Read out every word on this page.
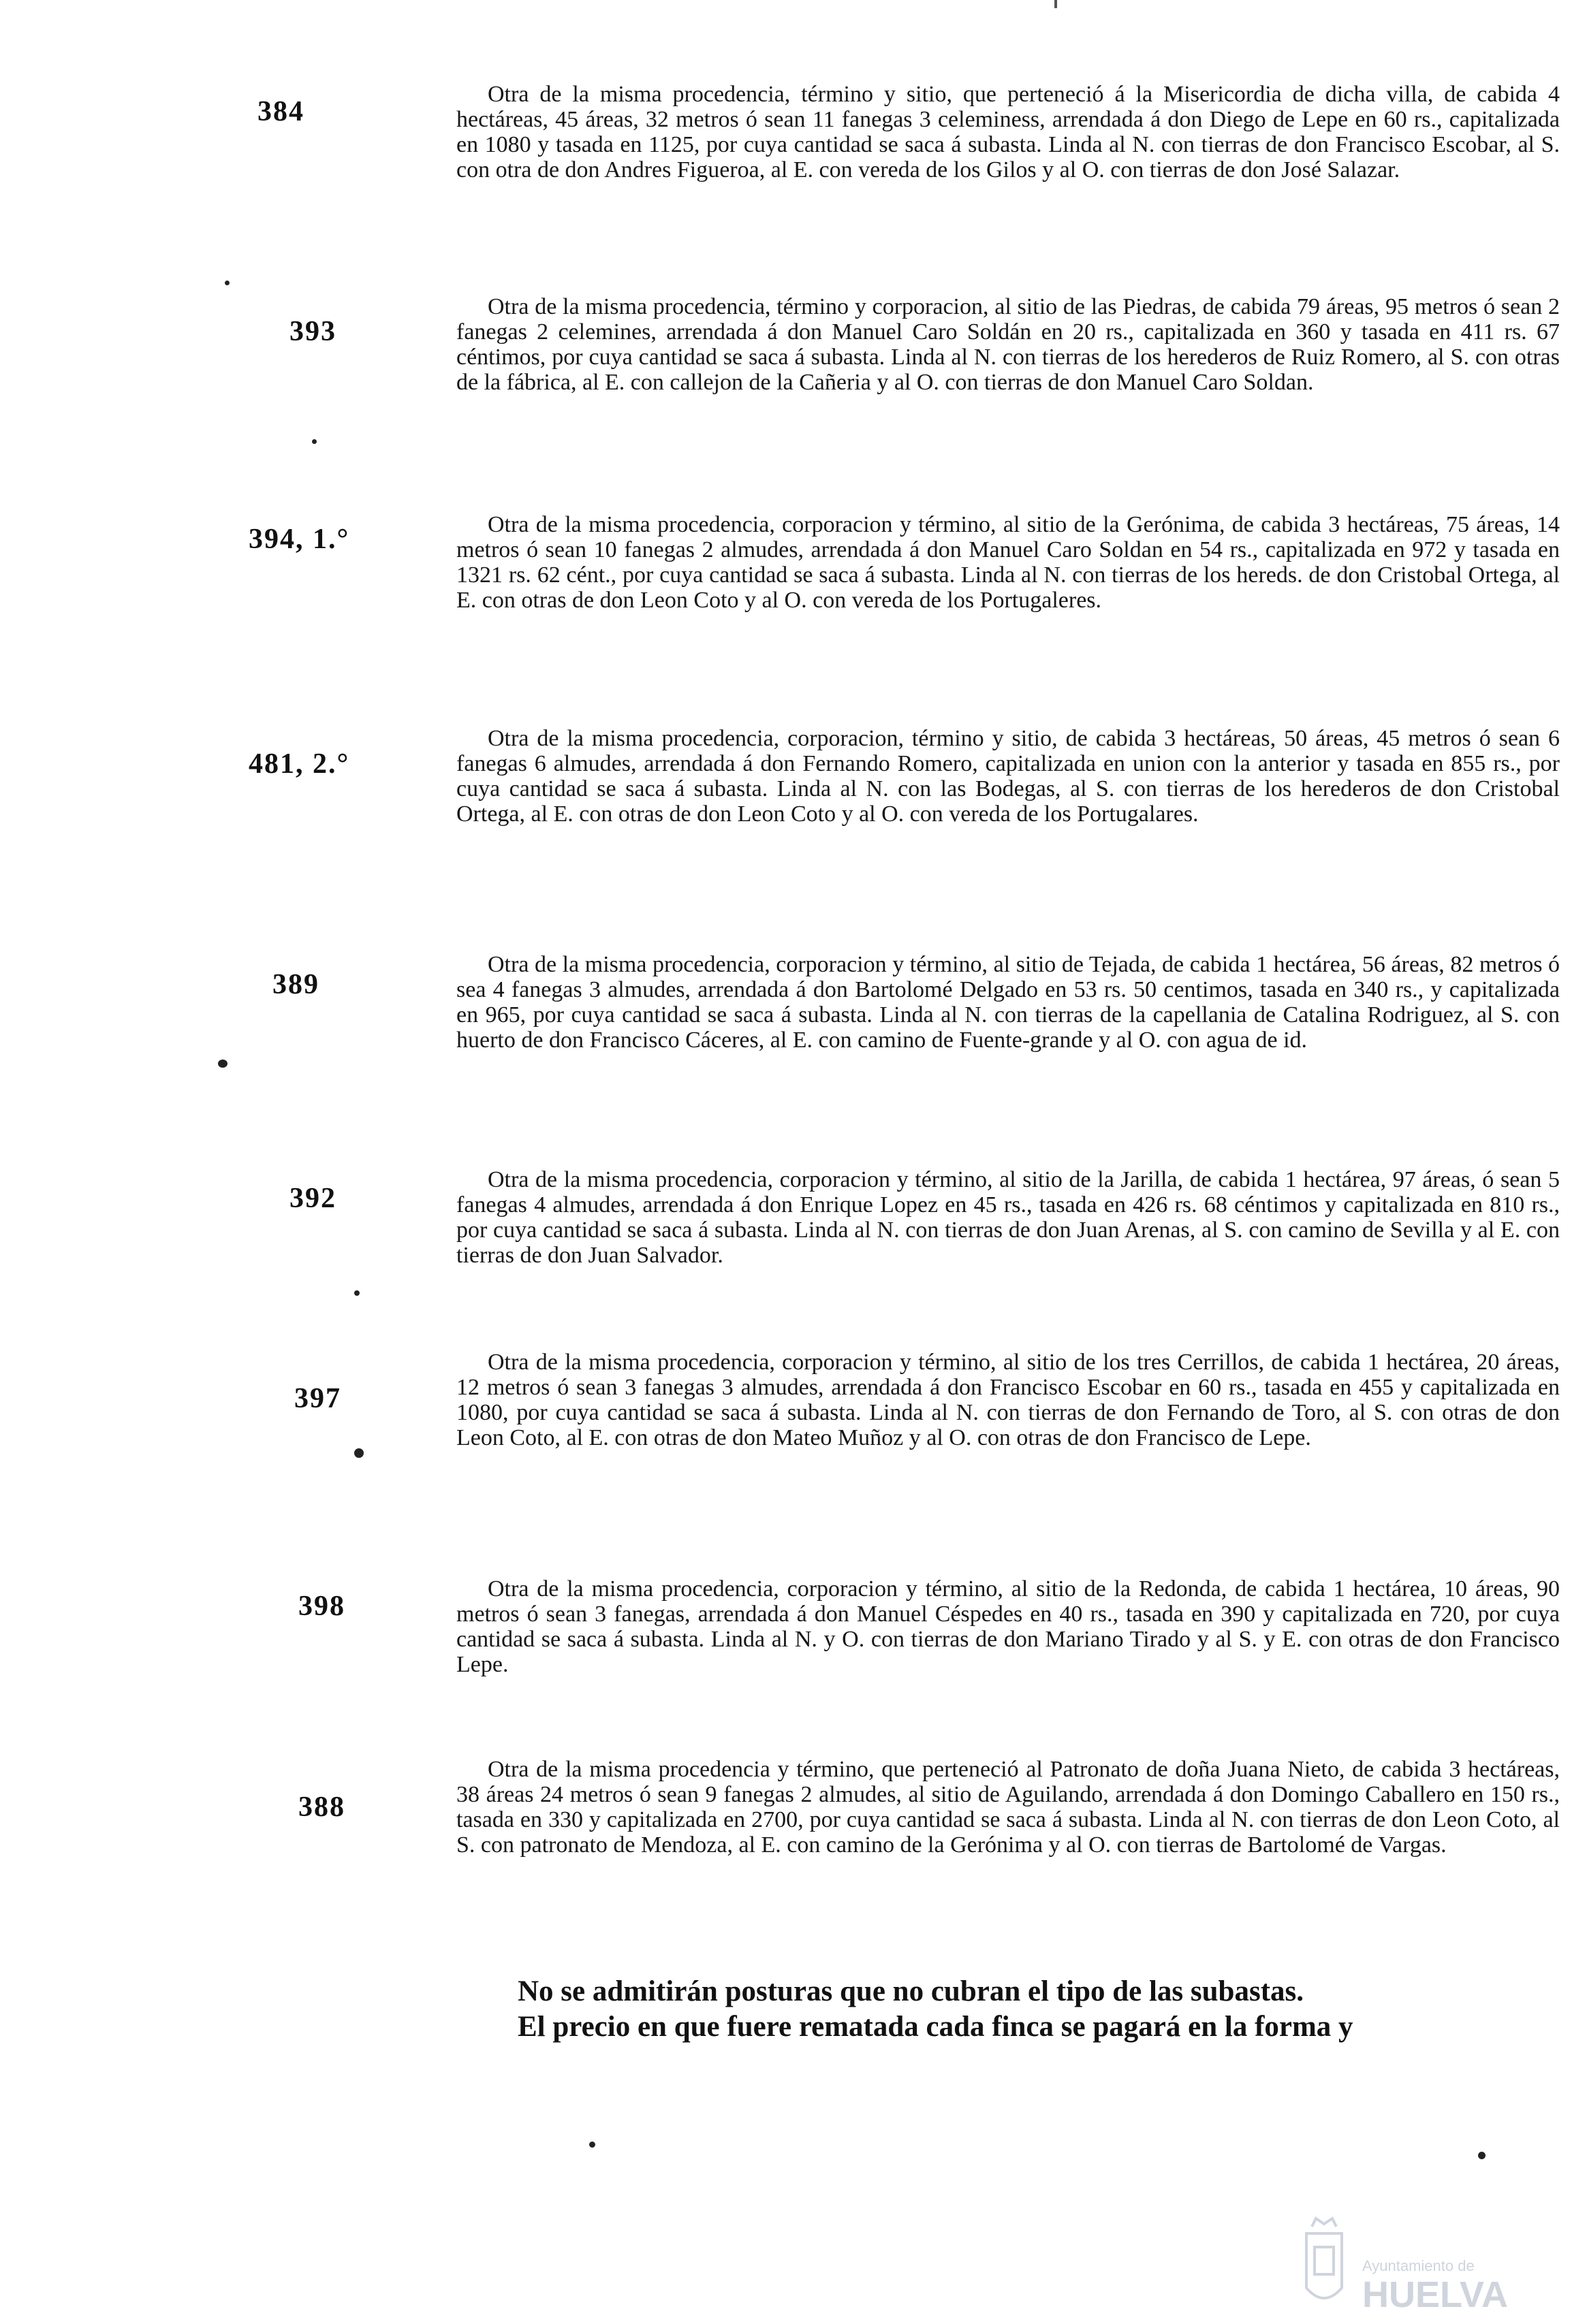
384
Otra de la misma procedencia, término y sitio, que perteneció á la Misericordia de dicha villa, de cabida 4 hectáreas, 45 áreas, 32 metros ó sean 11 fanegas 3 celeminess, arrendada á don Diego de Lepe en 60 rs., capitalizada en 1080 y tasada en 1125, por cuya cantidad se saca á subasta. Linda al N. con tierras de don Francisco Escobar, al S. con otra de don Andres Figueroa, al E. con vereda de los Gilos y al O. con tierras de don José Salazar.
393
Otra de la misma procedencia, término y corporacion, al sitio de las Piedras, de cabida 79 áreas, 95 metros ó sean 2 fanegas 2 celemines, arrendada á don Manuel Caro Soldán en 20 rs., capitalizada en 360 y tasada en 411 rs. 67 céntimos, por cuya cantidad se saca á subasta. Linda al N. con tierras de los herederos de Ruiz Romero, al S. con otras de la fábrica, al E. con callejon de la Cañeria y al O. con tierras de don Manuel Caro Soldan.
394, 1.°	Otra de la misma procedencia, corporacion y término, al sitio de la Gerónima, de cabida 3 hectáreas, 75 áreas, 14 metros ó sean 10 fanegas 2 almudes, arrendada á don Manuel Caro Soldan en 54 rs., capitalizada en 972 y tasada en 1321 rs. 62 cént., por cuya cantidad se saca á subasta. Linda al N. con tierras de los hereds. de don Cristobal Ortega, al E. con otras de don Leon Coto y al O. con vereda de los Portugaleres.
481, 2.°
Otra de la misma procedencia, corporacion, término y sitio, de cabida 3 hectáreas, 50 áreas, 45 metros ó sean 6 fanegas 6 almudes, arrendada á don Fernando Romero, capitalizada en union con la anterior y tasada en 855 rs., por cuya cantidad se saca á subasta. Linda al N. con las Bodegas, al S. con tierras de los herederos de don Cristobal Ortega, al E. con otras de don Leon Coto y al O. con vereda de los Portugalares.
389
Otra de la misma procedencia, corporacion y término, al sitio de Tejada, de cabida 1 hectárea, 56 áreas, 82 metros ó sea 4 fanegas 3 almudes, arrendada á don Bartolomé Delgado en 53 rs. 50 centimos, tasada en 340 rs., y capitalizada en 965, por cuya cantidad se saca á subasta. Linda al N. con tierras de la capellania de Catalina Rodriguez, al S. con huerto de don Francisco Cáceres, al E. con camino de Fuente-grande y al O. con agua de id.
392
Otra de la misma procedencia, corporacion y término, al sitio de la Jarilla, de cabida 1 hectárea, 97 áreas, ó sean 5 fanegas 4 almudes, arrendada á don Enrique Lopez en 45 rs., tasada en 426 rs. 68 céntimos y capitalizada en 810 rs., por cuya cantidad se saca á subasta. Linda al N. con tierras de don Juan Arenas, al S. con camino de Sevilla y al E. con tierras de don Juan Salvador.
397
Otra de la misma procedencia, corporacion y término, al sitio de los tres Cerrillos, de cabida 1 hectárea, 20 áreas, 12 metros ó sean 3 fanegas 3 almudes, arrendada á don Francisco Escobar en 60 rs., tasada en 455 y capitalizada en 1080, por cuya cantidad se saca á subasta. Linda al N. con tierras de don Fernando de Toro, al S. con otras de don Leon Coto, al E. con otras de don Mateo Muñoz y al O. con otras de don Francisco de Lepe.
398
Otra de la misma procedencia, corporacion y término, al sitio de la Redonda, de cabida 1 hectárea, 10 áreas, 90 metros ó sean 3 fanegas, arrendada á don Manuel Céspedes en 40 rs., tasada en 390 y capitalizada en 720, por cuya cantidad se saca á subasta. Linda al N. y O. con tierras de don Mariano Tirado y al S. y E. con otras de don Francisco Lepe.
388
Otra de la misma procedencia y término, que perteneció al Patronato de doña Juana Nieto, de cabida 3 hectáreas, 38 áreas 24 metros ó sean 9 fanegas 2 almudes, al sitio de Aguilando, arrendada á don Domingo Caballero en 150 rs., tasada en 330 y capitalizada en 2700, por cuya cantidad se saca á subasta. Linda al N. con tierras de don Leon Coto, al S. con patronato de Mendoza, al E. con camino de la Gerónima y al O. con tierras de Bartolomé de Vargas.

No se admitirán posturas que no cubran el tipo de las subastas.

El precio en que fuere rematada cada finca se pagará en la forma y

Ayuntamiento de
HUELVA
